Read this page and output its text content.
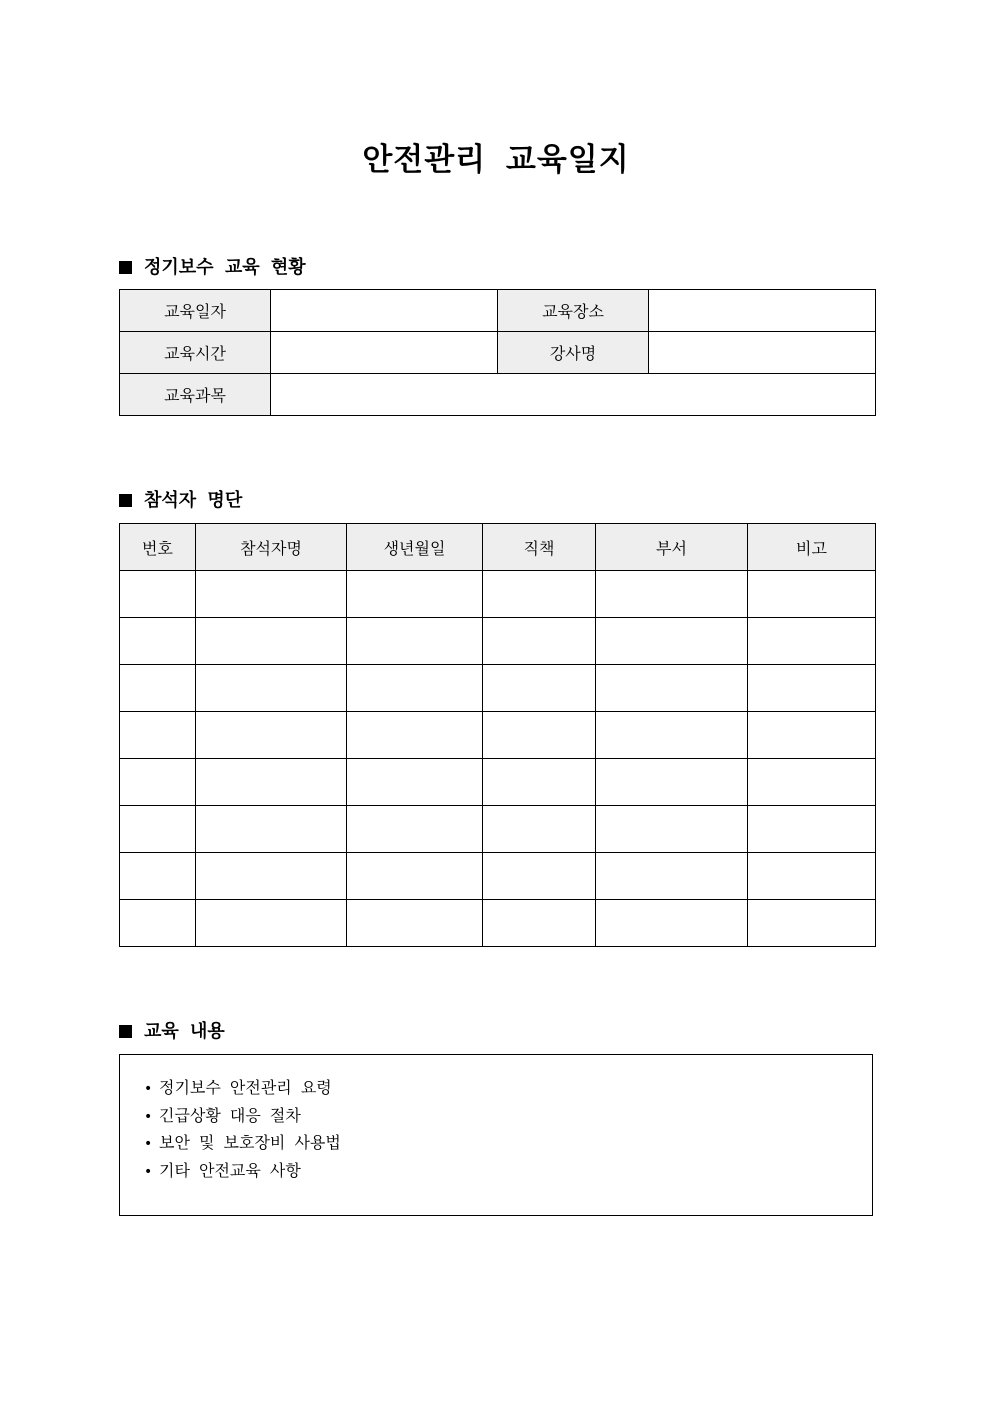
안전관리 교육일지
정기보수 교육 현황
교육일자		교육장소	
교육시간		강사명	
교육과목			
참석자 명단
번호	참석자명	생년월일	직책	부서	비고

교육 내용
• 정기보수 안전관리 요령
• 긴급상황 대응 절차
• 보안 및 보호장비 사용법
• 기타 안전교육 사항
